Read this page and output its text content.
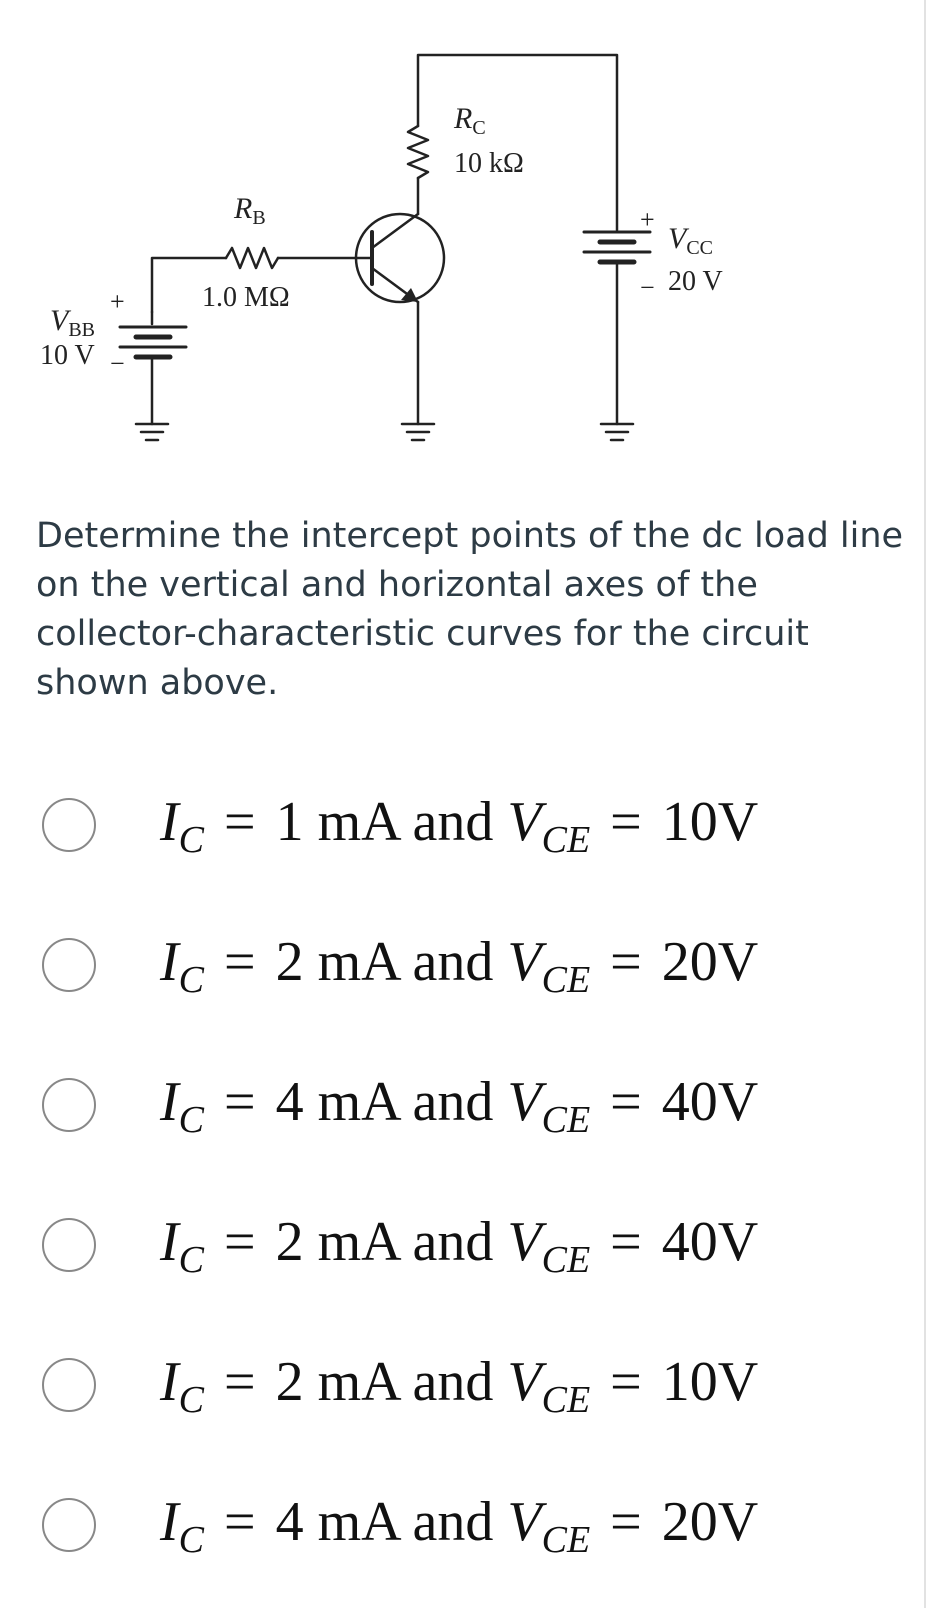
$V_{BB}$
10 V
+
−
$R_B$
1.0 MΩ
$R_C$
10 kΩ
+
−
$V_{CC}$
20 V
Determine the intercept points of the dc load line on the vertical and horizontal axes of the collector-characteristic curves for the circuit shown above.
$I_C = 1$ mA and $V_{CE} = 10V$
$I_C = 2$ mA and $V_{CE} = 20V$
$I_C = 4$ mA and $V_{CE} = 40V$
$I_C = 2$ mA and $V_{CE} = 40V$
$I_C = 2$ mA and $V_{CE} = 10V$
$I_C = 4$ mA and $V_{CE} = 20V$
